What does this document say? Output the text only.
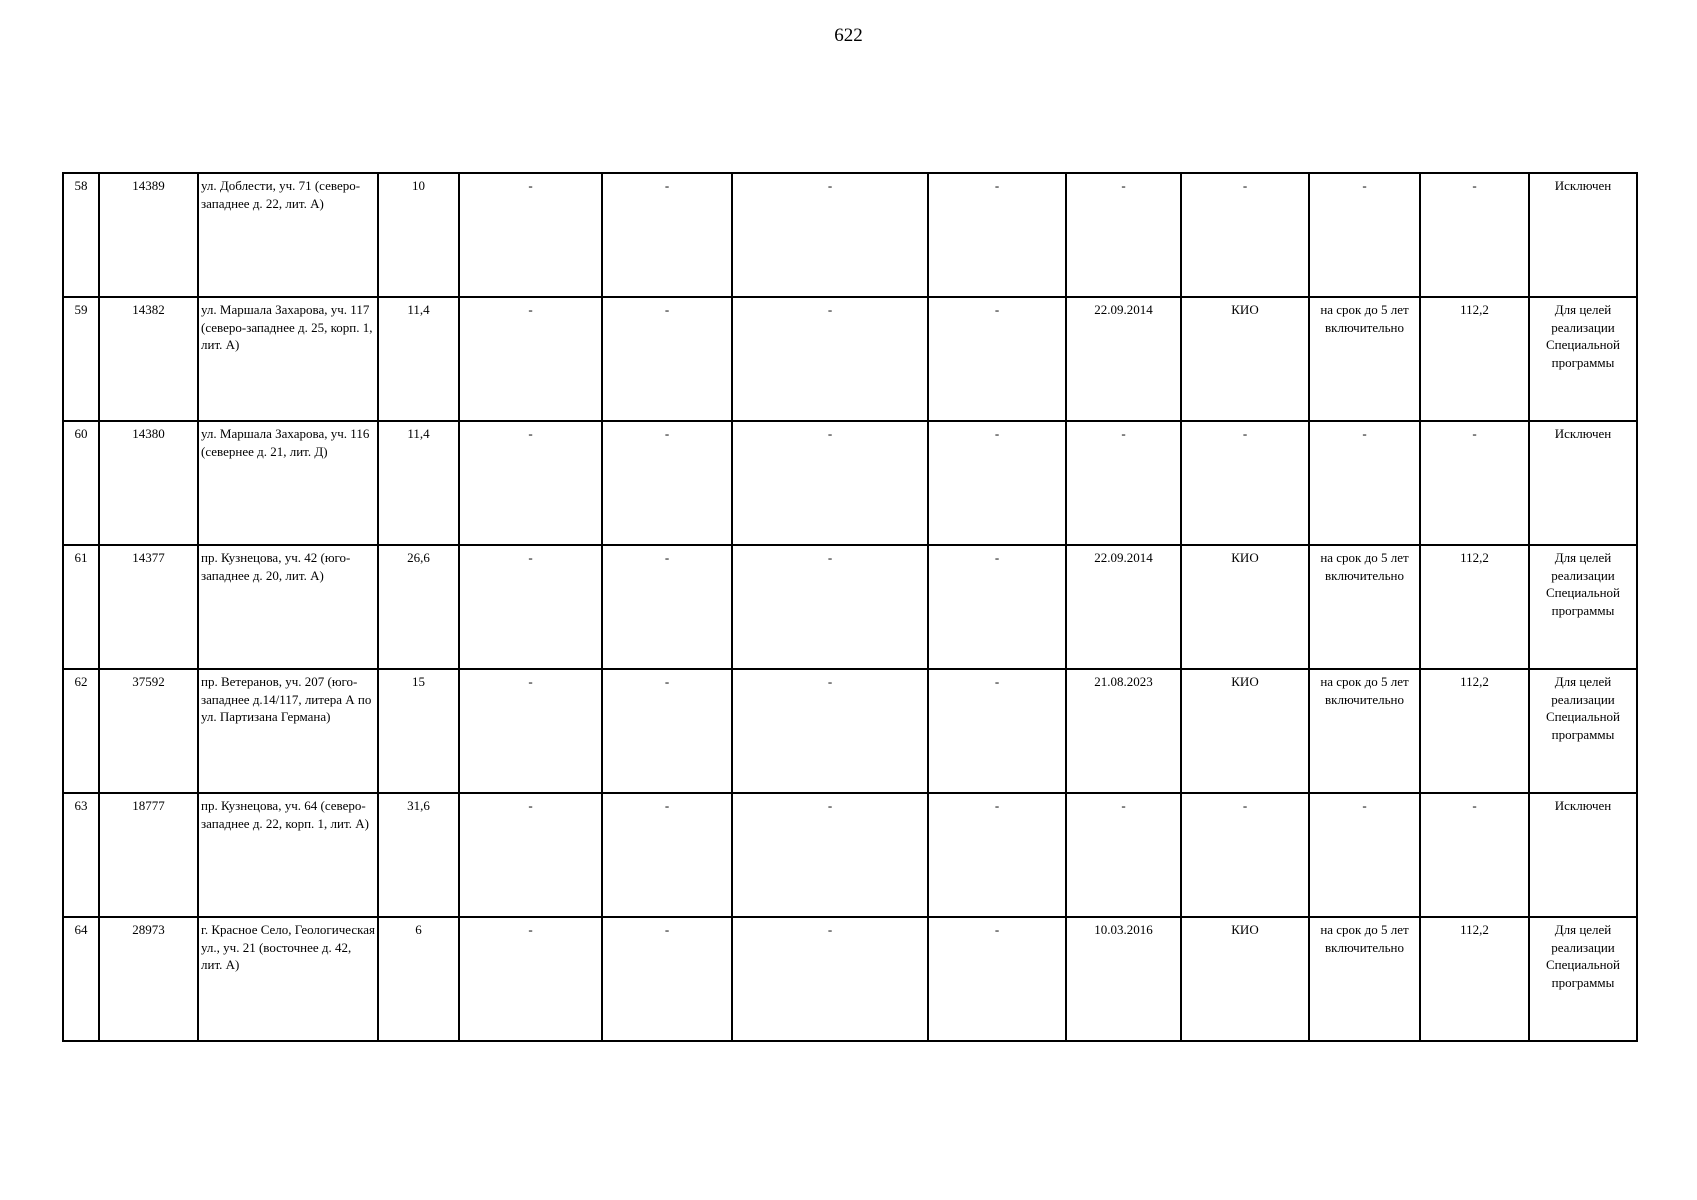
622
58	14389	ул. Доблести, уч. 71 (северо-западнее д. 22, лит. А)	10	-	-	-	-	-	-	-	-	Исключен
59	14382	ул. Маршала Захарова, уч. 117 (северо-западнее д. 25, корп. 1, лит. А)	11,4	-	-	-	-	22.09.2014	КИО	на срок до 5 лет включительно	112,2	Для целей реализации Специальной программы
60	14380	ул. Маршала Захарова, уч. 116 (севернее д. 21, лит. Д)	11,4	-	-	-	-	-	-	-	-	Исключен
61	14377	пр. Кузнецова, уч. 42 (юго-западнее д. 20, лит. А)	26,6	-	-	-	-	22.09.2014	КИО	на срок до 5 лет включительно	112,2	Для целей реализации Специальной программы
62	37592	пр. Ветеранов, уч. 207 (юго-западнее д.14/117, литера А по ул. Партизана Германа)	15	-	-	-	-	21.08.2023	КИО	на срок до 5 лет включительно	112,2	Для целей реализации Специальной программы
63	18777	пр. Кузнецова, уч. 64 (северо-западнее д. 22, корп. 1, лит. А)	31,6	-	-	-	-	-	-	-	-	Исключен
64	28973	г. Красное Село, Геологическая ул., уч. 21 (восточнее д. 42, лит. А)	6	-	-	-	-	10.03.2016	КИО	на срок до 5 лет включительно	112,2	Для целей реализации Специальной программы
